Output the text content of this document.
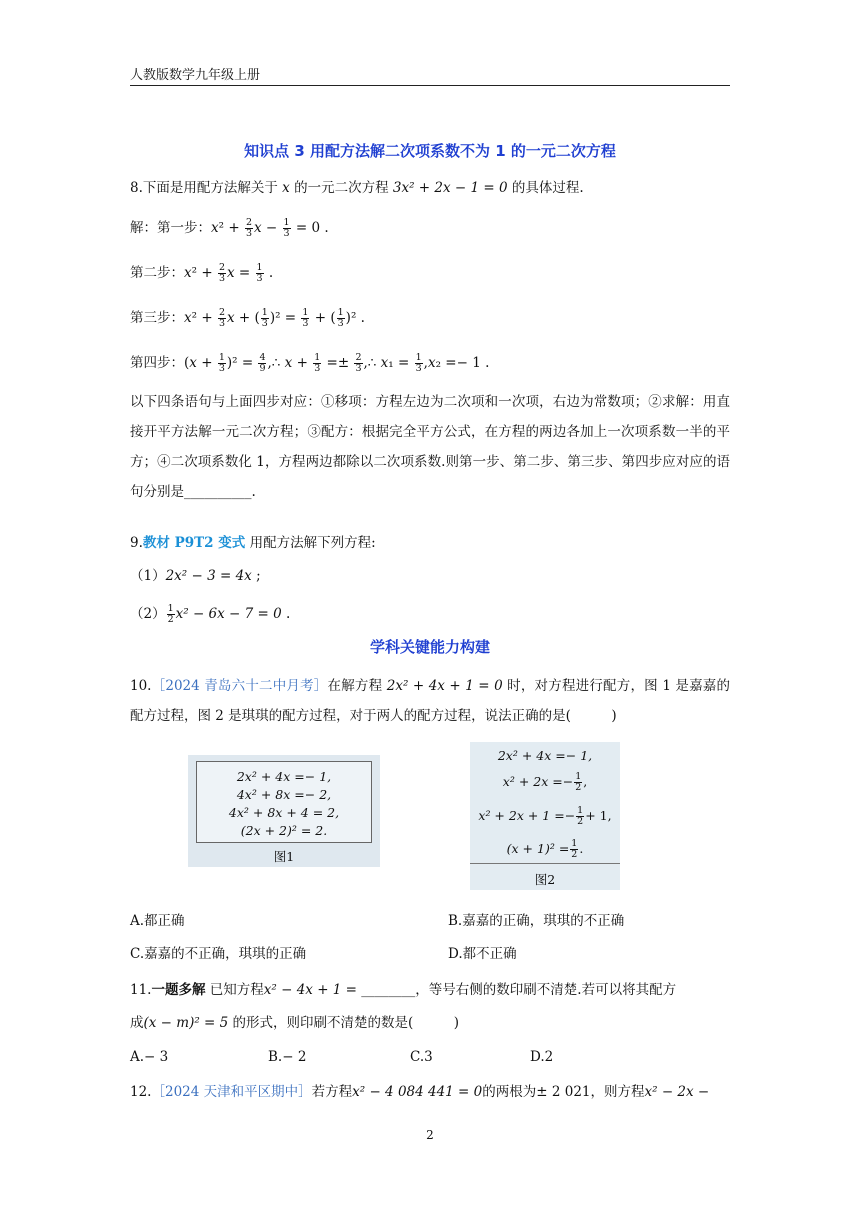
人教版数学九年级上册
知识点 3 用配方法解二次项系数不为 1 的一元二次方程
8.下面是用配方法解关于 x 的一元二次方程 3x² + 2x − 1 = 0 的具体过程.
解：第一步：$x^2 + \frac{2}{3}$ $x - \frac{1}{3} = 0$ .
第二步：$x^2 + \frac{2}{3}$ $x = \frac{1}{3}$ .
第三步：$x^2 + \frac{2}{3}$ x + ( $\frac{1}{3} )^2 = \frac{1}{3}$ + ( $\frac{1}{3} )^2$ .
第四步：$(x + \frac{1}{3} )^2 = \frac{4}{9}$ ,∴ $x + \frac{1}{3} =\pm \frac{2}{3}$ ,∴ $x_1 = \frac{1}{3} ,x_2 =- 1$ .
以下四条语句与上面四步对应：①移项：方程左边为二次项和一次项，右边为常数项；②求解：用直接开平方法解一元二次方程；③配方：根据完全平方公式，在方程的两边各加上一次项系数一半的平方；④二次项系数化 1，方程两边都除以二次项系数.则第一步、第二步、第三步、第四步应对应的语句分别是__________.
9.教材 P9T2 变式 用配方法解下列方程:
（1）2x² − 3 = 4x ;
$(2) \frac{1}{2} x^2 - 6x - 7 = 0$ .
学科关键能力构建
10.［2024 青岛六十二中月考］在解方程 2x² + 4x + 1 = 0 时，对方程进行配方，图 1 是嘉嘉的配方过程，图 2 是琪琪的配方过程，对于两人的配方过程，说法正确的是(　　　)
2x² + 4x =− 1,
4x² + 8x =− 2,
4x² + 8x + 4 = 2,
(2x + 2)² = 2.
图1
2x² + 4x =− 1,
$x^2 + 2x =- \frac{1}{2}$ ,
$x^2 + 2x + 1 =- \frac{1}{2} + 1$,
$(x + 1)^2 = \frac{1}{2}$ .
图2
A.都正确	B.嘉嘉的正确，琪琪的不正确
C.嘉嘉的不正确，琪琪的正确	D.都不正确
11.一题多解 已知方程x² − 4x + 1 = ________，等号右侧的数印刷不清楚.若可以将其配方
成(x − m)² = 5 的形式，则印刷不清楚的数是(　　　)
A.− 3	B.− 2	C.3	D.2
12.［2024 天津和平区期中］若方程x² − 4 084 441 = 0的两根为± 2 021，则方程x² − 2x −
2
